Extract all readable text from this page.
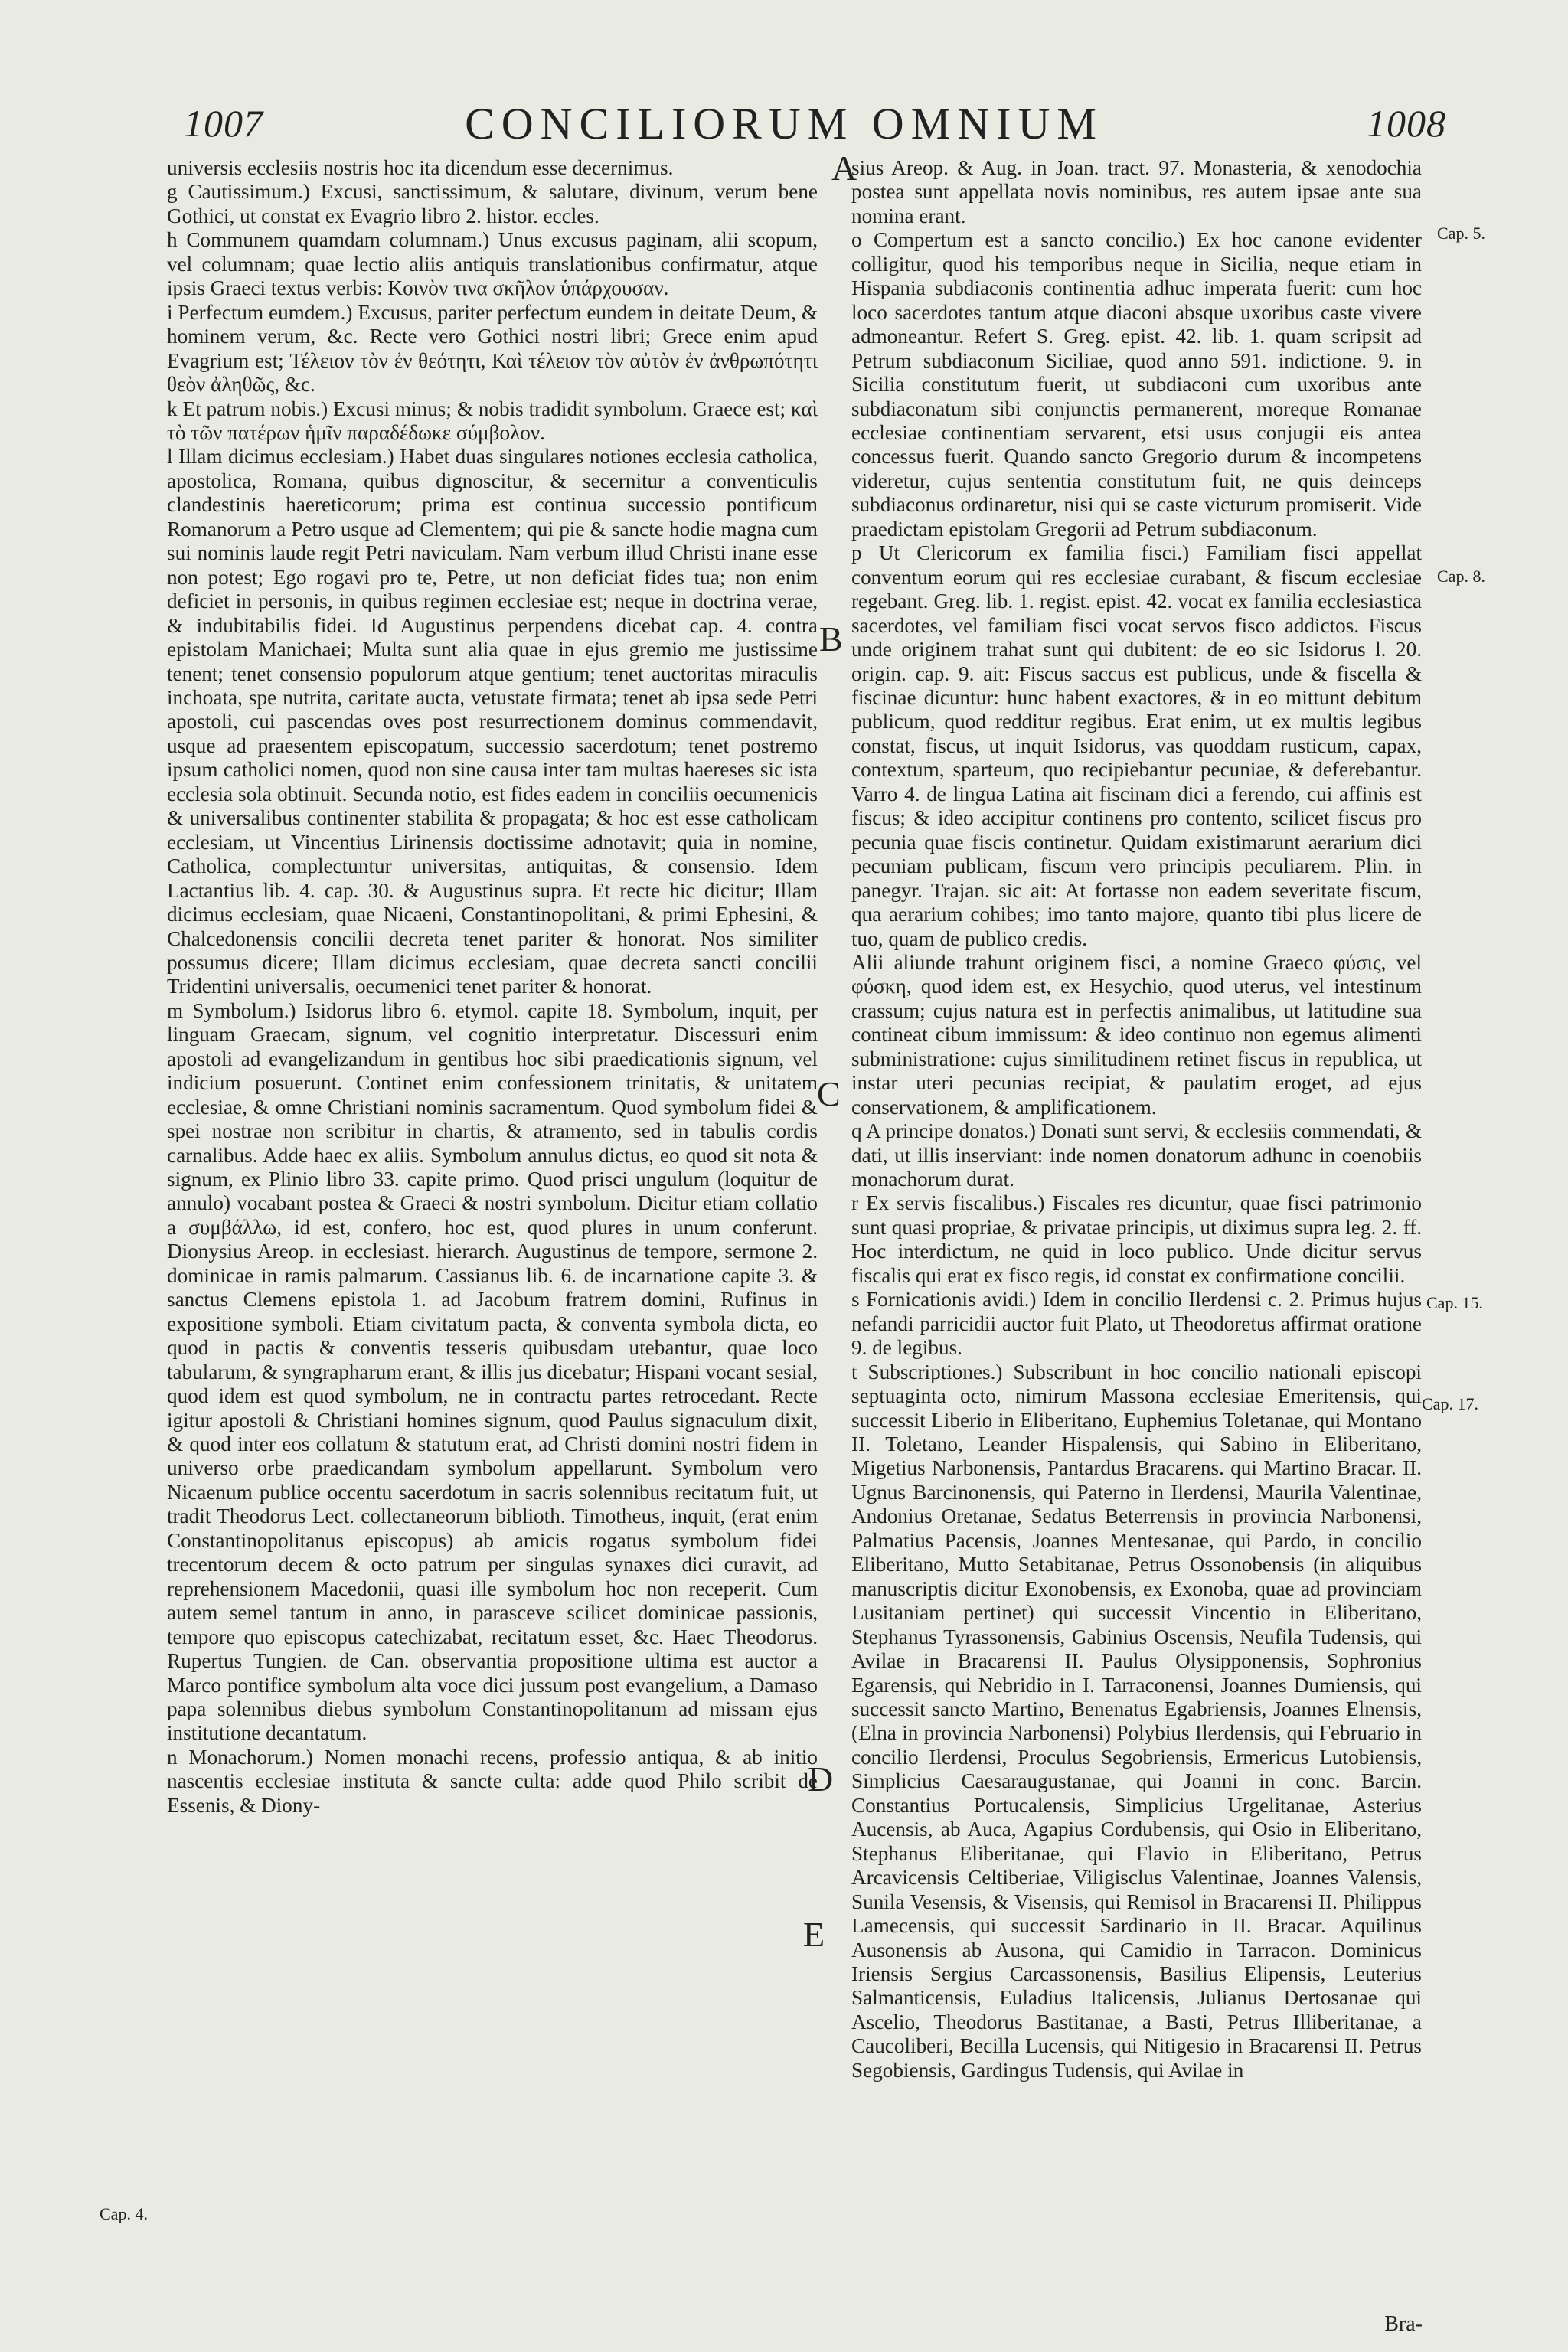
1007	CONCILIORUM OMNIUM	1008

universis ecclesiis nostris hoc ita dicendum esse decernimus.

g Cautissimum.) Excusi, sanctissimum, & salutare, divinum, verum bene Gothici, ut constat ex Evagrio libro 2. histor. eccles.

h Communem quamdam columnam.) Unus excusus paginam, alii scopum, vel columnam; quae lectio aliis antiquis translationibus confirmatur, atque ipsis Graeci textus verbis: Κοινὸν τινα σκῆλον ὑπάρχουσαν.

i Perfectum eumdem.) Excusus, pariter perfectum eundem in deitate Deum, & hominem verum, &c. Recte vero Gothici nostri libri; Grece enim apud Evagrium est; Τέλειον τὸν ἐν θεότητι, Καὶ τέλειον τὸν αὐτὸν ἐν ἀνθρωπότητι θεὸν ἀληθῶς, &c.

k Et patrum nobis.) Excusi minus; & nobis tradidit symbolum. Graece est; καὶ τὸ τῶν πατέρων ἡμῖν παραδέδωκε σύμβολον.

l Illam dicimus ecclesiam.) Habet duas singulares notiones ecclesia catholica, apostolica, Romana, quibus dignoscitur, & secernitur a conventiculis clandestinis haereticorum; prima est continua successio pontificum Romanorum a Petro usque ad Clementem; qui pie & sancte hodie magna cum sui nominis laude regit Petri naviculam. Nam verbum illud Christi inane esse non potest; Ego rogavi pro te, Petre, ut non deficiat fides tua; non enim deficiet in personis, in quibus regimen ecclesiae est; neque in doctrina verae, & indubitabilis fidei. Id Augustinus perpendens dicebat cap. 4. contra epistolam Manichaei; Multa sunt alia quae in ejus gremio me justissime tenent; tenet consensio populorum atque gentium; tenet auctoritas miraculis inchoata, spe nutrita, caritate aucta, vetustate firmata; tenet ab ipsa sede Petri apostoli, cui pascendas oves post resurrectionem dominus commendavit, usque ad praesentem episcopatum, successio sacerdotum; tenet postremo ipsum catholici nomen, quod non sine causa inter tam multas haereses sic ista ecclesia sola obtinuit. Secunda notio, est fides eadem in conciliis oecumenicis & universalibus continenter stabilita & propagata; & hoc est esse catholicam ecclesiam, ut Vincentius Lirinensis doctissime adnotavit; quia in nomine, Catholica, complectuntur universitas, antiquitas, & consensio. Idem Lactantius lib. 4. cap. 30. & Augustinus supra. Et recte hic dicitur; Illam dicimus ecclesiam, quae Nicaeni, Constantinopolitani, & primi Ephesini, & Chalcedonensis concilii decreta tenet pariter & honorat. Nos similiter possumus dicere; Illam dicimus ecclesiam, quae decreta sancti concilii Tridentini universalis, oecumenici tenet pariter & honorat.

m Symbolum.) Isidorus libro 6. etymol. capite 18. Symbolum, inquit, per linguam Graecam, signum, vel cognitio interpretatur. Discessuri enim apostoli ad evangelizandum in gentibus hoc sibi praedicationis signum, vel indicium posuerunt. Continet enim confessionem trinitatis, & unitatem ecclesiae, & omne Christiani nominis sacramentum. Quod symbolum fidei & spei nostrae non scribitur in chartis, & atramento, sed in tabulis cordis carnalibus. Adde haec ex aliis. Symbolum annulus dictus, eo quod sit nota & signum, ex Plinio libro 33. capite primo. Quod prisci ungulum (loquitur de annulo) vocabant postea & Graeci & nostri symbolum. Dicitur etiam collatio a συμβάλλω, id est, confero, hoc est, quod plures in unum conferunt. Dionysius Areop. in ecclesiast. hierarch. Augustinus de tempore, sermone 2. dominicae in ramis palmarum. Cassianus lib. 6. de incarnatione capite 3. & sanctus Clemens epistola 1. ad Jacobum fratrem domini, Rufinus in expositione symboli. Etiam civitatum pacta, & conventa symbola dicta, eo quod in pactis & conventis tesseris quibusdam utebantur, quae loco tabularum, & syngrapharum erant, & illis jus dicebatur; Hispani vocant sesial, quod idem est quod symbolum, ne in contractu partes retrocedant. Recte igitur apostoli & Christiani homines signum, quod Paulus signaculum dixit, & quod inter eos collatum & statutum erat, ad Christi domini nostri fidem in universo orbe praedicandam symbolum appellarunt. Symbolum vero Nicaenum publice occentu sacerdotum in sacris solennibus recitatum fuit, ut tradit Theodorus Lect. collectaneorum biblioth. Timotheus, inquit, (erat enim Constantinopolitanus episcopus) ab amicis rogatus symbolum fidei trecentorum decem & octo patrum per singulas synaxes dici curavit, ad reprehensionem Macedonii, quasi ille symbolum hoc non receperit. Cum autem semel tantum in anno, in parasceve scilicet dominicae passionis, tempore quo episcopus catechizabat, recitatum esset, &c. Haec Theodorus. Rupertus Tungien. de Can. observantia propositione ultima est auctor a Marco pontifice symbolum alta voce dici jussum post evangelium, a Damaso papa solennibus diebus symbolum Constantinopolitanum ad missam ejus institutione decantatum.

n Monachorum.) Nomen monachi recens, professio antiqua, & ab initio nascentis ecclesiae instituta & sancte culta: adde quod Philo scribit de Essenis, & Diony-

sius Areop. & Aug. in Joan. tract. 97. Monasteria, & xenodochia postea sunt appellata novis nominibus, res autem ipsae ante sua nomina erant.

o Compertum est a sancto concilio.) Ex hoc canone evidenter colligitur, quod his temporibus neque in Sicilia, neque etiam in Hispania subdiaconis continentia adhuc imperata fuerit: cum hoc loco sacerdotes tantum atque diaconi absque uxoribus caste vivere admoneantur. Refert S. Greg. epist. 42. lib. 1. quam scripsit ad Petrum subdiaconum Siciliae, quod anno 591. indictione. 9. in Sicilia constitutum fuerit, ut subdiaconi cum uxoribus ante subdiaconatum sibi conjunctis permanerent, moreque Romanae ecclesiae continentiam servarent, etsi usus conjugii eis antea concessus fuerit. Quando sancto Gregorio durum & incompetens videretur, cujus sententia constitutum fuit, ne quis deinceps subdiaconus ordinaretur, nisi qui se caste victurum promiserit. Vide praedictam epistolam Gregorii ad Petrum subdiaconum.

p Ut Clericorum ex familia fisci.) Familiam fisci appellat conventum eorum qui res ecclesiae curabant, & fiscum ecclesiae regebant. Greg. lib. 1. regist. epist. 42. vocat ex familia ecclesiastica sacerdotes, vel familiam fisci vocat servos fisco addictos. Fiscus unde originem trahat sunt qui dubitent: de eo sic Isidorus l. 20. origin. cap. 9. ait: Fiscus saccus est publicus, unde & fiscella & fiscinae dicuntur: hunc habent exactores, & in eo mittunt debitum publicum, quod redditur regibus. Erat enim, ut ex multis legibus constat, fiscus, ut inquit Isidorus, vas quoddam rusticum, capax, contextum, sparteum, quo recipiebantur pecuniae, & deferebantur. Varro 4. de lingua Latina ait fiscinam dici a ferendo, cui affinis est fiscus; & ideo accipitur continens pro contento, scilicet fiscus pro pecunia quae fiscis continetur. Quidam existimarunt aerarium dici pecuniam publicam, fiscum vero principis peculiarem. Plin. in panegyr. Trajan. sic ait: At fortasse non eadem severitate fiscum, qua aerarium cohibes; imo tanto majore, quanto tibi plus licere de tuo, quam de publico credis.

Alii aliunde trahunt originem fisci, a nomine Graeco φύσις, vel φύσκη, quod idem est, ex Hesychio, quod uterus, vel intestinum crassum; cujus natura est in perfectis animalibus, ut latitudine sua contineat cibum immissum: & ideo continuo non egemus alimenti subministratione: cujus similitudinem retinet fiscus in republica, ut instar uteri pecunias recipiat, & paulatim eroget, ad ejus conservationem, & amplificationem.

q A principe donatos.) Donati sunt servi, & ecclesiis commendati, & dati, ut illis inserviant: inde nomen donatorum adhunc in coenobiis monachorum durat.

r Ex servis fiscalibus.) Fiscales res dicuntur, quae fisci patrimonio sunt quasi propriae, & privatae principis, ut diximus supra leg. 2. ff. Hoc interdictum, ne quid in loco publico. Unde dicitur servus fiscalis qui erat ex fisco regis, id constat ex confirmatione concilii.

s Fornicationis avidi.) Idem in concilio Ilerdensi c. 2. Primus hujus nefandi parricidii auctor fuit Plato, ut Theodoretus affirmat oratione 9. de legibus.

t Subscriptiones.) Subscribunt in hoc concilio nationali episcopi septuaginta octo, nimirum Massona ecclesiae Emeritensis, qui successit Liberio in Eliberitano, Euphemius Toletanae, qui Montano II. Toletano, Leander Hispalensis, qui Sabino in Eliberitano, Migetius Narbonensis, Pantardus Bracarens. qui Martino Bracar. II. Ugnus Barcinonensis, qui Paterno in Ilerdensi, Maurila Valentinae, Andonius Oretanae, Sedatus Beterrensis in provincia Narbonensi, Palmatius Pacensis, Joannes Mentesanae, qui Pardo, in concilio Eliberitano, Mutto Setabitanae, Petrus Ossonobensis (in aliquibus manuscriptis dicitur Exonobensis, ex Exonoba, quae ad provinciam Lusitaniam pertinet) qui successit Vincentio in Eliberitano, Stephanus Tyrassonensis, Gabinius Oscensis, Neufila Tudensis, qui Avilae in Bracarensi II. Paulus Olysipponensis, Sophronius Egarensis, qui Nebridio in I. Tarraconensi, Joannes Dumiensis, qui successit sancto Martino, Benenatus Egabriensis, Joannes Elnensis, (Elna in provincia Narbonensi) Polybius Ilerdensis, qui Februario in concilio Ilerdensi, Proculus Segobriensis, Ermericus Lutobiensis, Simplicius Caesaraugustanae, qui Joanni in conc. Barcin. Constantius Portucalensis, Simplicius Urgelitanae, Asterius Aucensis, ab Auca, Agapius Cordubensis, qui Osio in Eliberitano, Stephanus Eliberitanae, qui Flavio in Eliberitano, Petrus Arcavicensis Celtiberiae, Viligisclus Valentinae, Joannes Valensis, Sunila Vesensis, & Visensis, qui Remisol in Bracarensi II. Philippus Lamecensis, qui successit Sardinario in II. Bracar. Aquilinus Ausonensis ab Ausona, qui Camidio in Tarracon. Dominicus Iriensis Sergius Carcassonensis, Basilius Elipensis, Leuterius Salmanticensis, Euladius Italicensis, Julianus Dertosanae qui Ascelio, Theodorus Bastitanae, a Basti, Petrus Illiberitanae, a Caucoliberi, Becilla Lucensis, qui Nitigesio in Bracarensi II. Petrus Segobiensis, Gardingus Tudensis, qui Avilae in

A
B
C
D
E
Cap. 5.
Cap. 8.
Cap. 15.
Cap. 17.
Cap. 4.
Bra-
